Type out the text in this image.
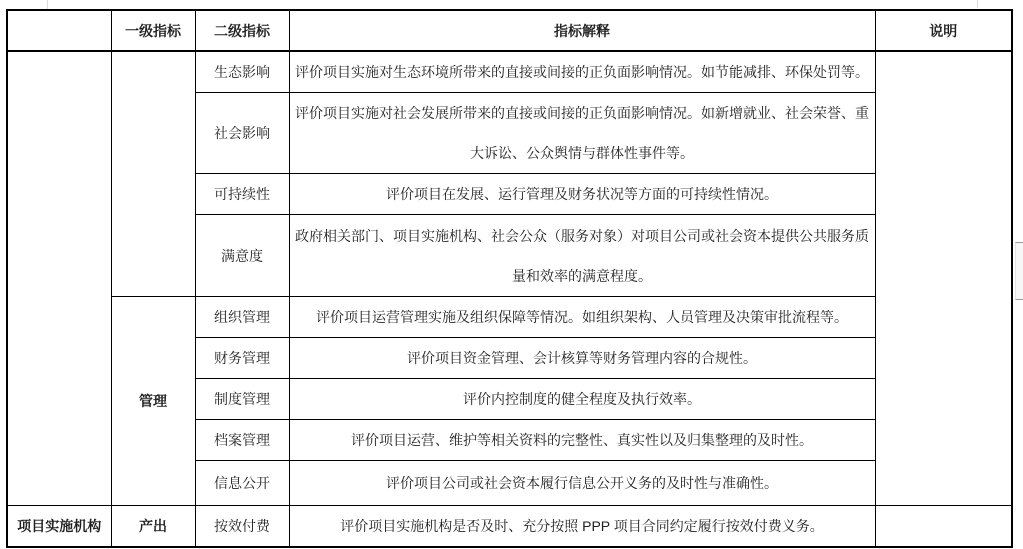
	一级指标	二级指标	指标解释	说明
		生态影响	评价项目实施对生态环境所带来的直接或间接的正负面影响情况。如节能减排、环保处罚等。	
		社会影响	评价项目实施对社会发展所带来的直接或间接的正负面影响情况。如新增就业、社会荣誉、重大诉讼、公众舆情与群体性事件等。	
		可持续性	评价项目在发展、运行管理及财务状况等方面的可持续性情况。	
		满意度	政府相关部门、项目实施机构、社会公众（服务对象）对项目公司或社会资本提供公共服务质量和效率的满意程度。	
	管理	组织管理	评价项目运营管理实施及组织保障等情况。如组织架构、人员管理及决策审批流程等。	
		财务管理	评价项目资金管理、会计核算等财务管理内容的合规性。	
		制度管理	评价内控制度的健全程度及执行效率。	
		档案管理	评价项目运营、维护等相关资料的完整性、真实性以及归集整理的及时性。	
		信息公开	评价项目公司或社会资本履行信息公开义务的及时性与准确性。	
项目实施机构	产出	按效付费	评价项目实施机构是否及时、充分按照 PPP 项目合同约定履行按效付费义务。	
